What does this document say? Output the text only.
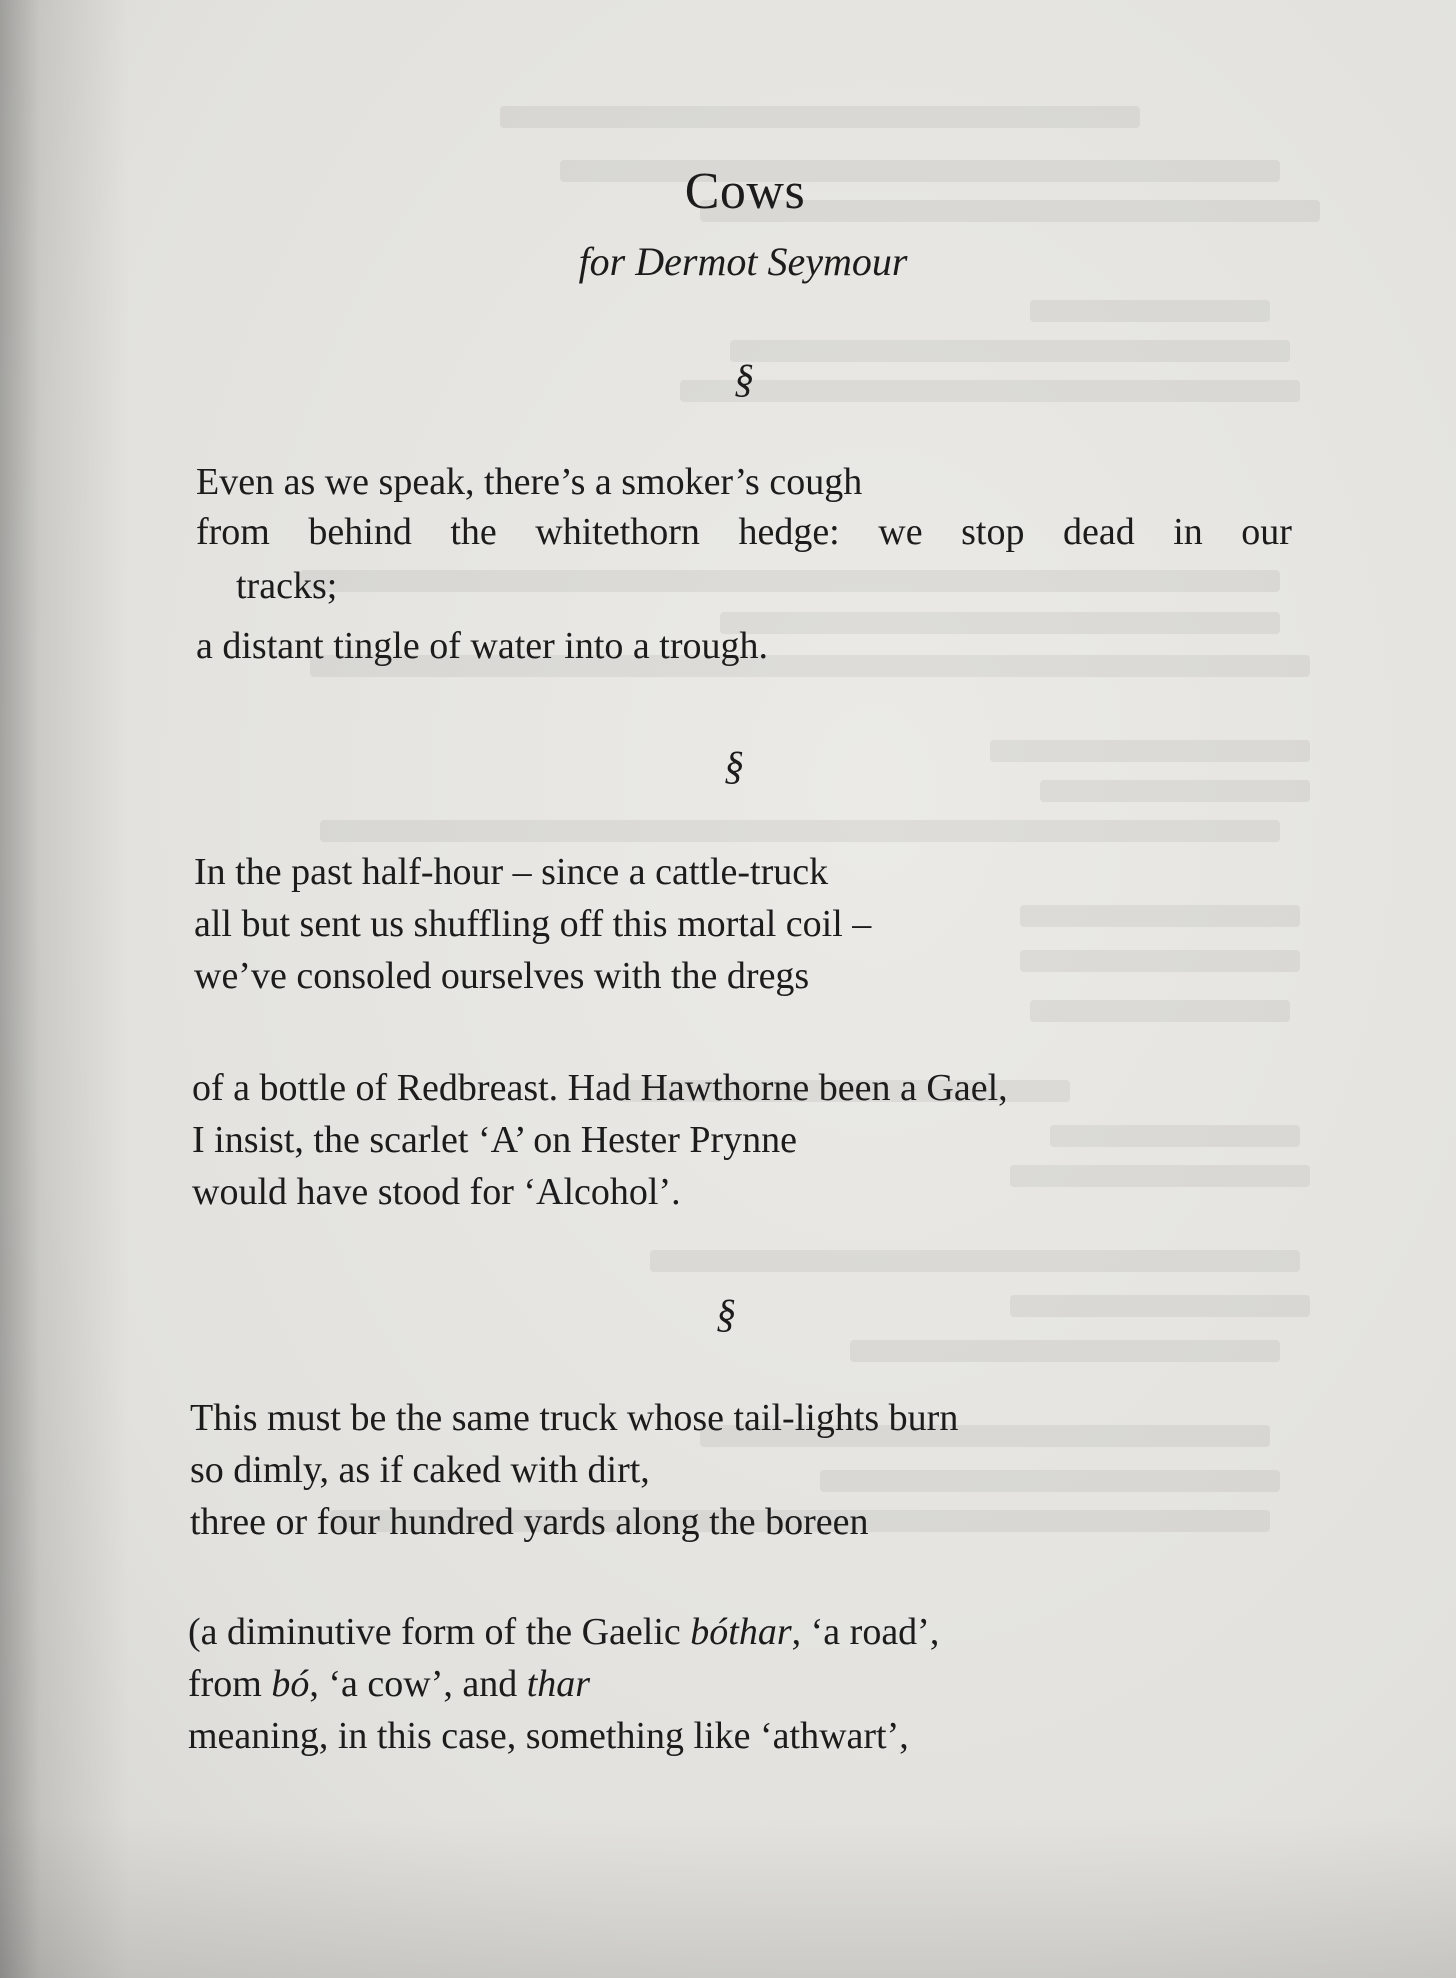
Cows

for Dermot Seymour

§
Even as we speak, there’s a smoker’s cough
from behind the whitethorn hedge: we stop dead in our
tracks;
a distant tingle of water into a trough.
§
In the past half-hour – since a cattle-truck
all but sent us shuffling off this mortal coil –
we’ve consoled ourselves with the dregs
of a bottle of Redbreast. Had Hawthorne been a Gael,
I insist, the scarlet ‘A’ on Hester Prynne
would have stood for ‘Alcohol’.
§
This must be the same truck whose tail-lights burn
so dimly, as if caked with dirt,
three or four hundred yards along the boreen
(a diminutive form of the Gaelic bóthar, ‘a road’,
from bó, ‘a cow’, and thar
meaning, in this case, something like ‘athwart’,
